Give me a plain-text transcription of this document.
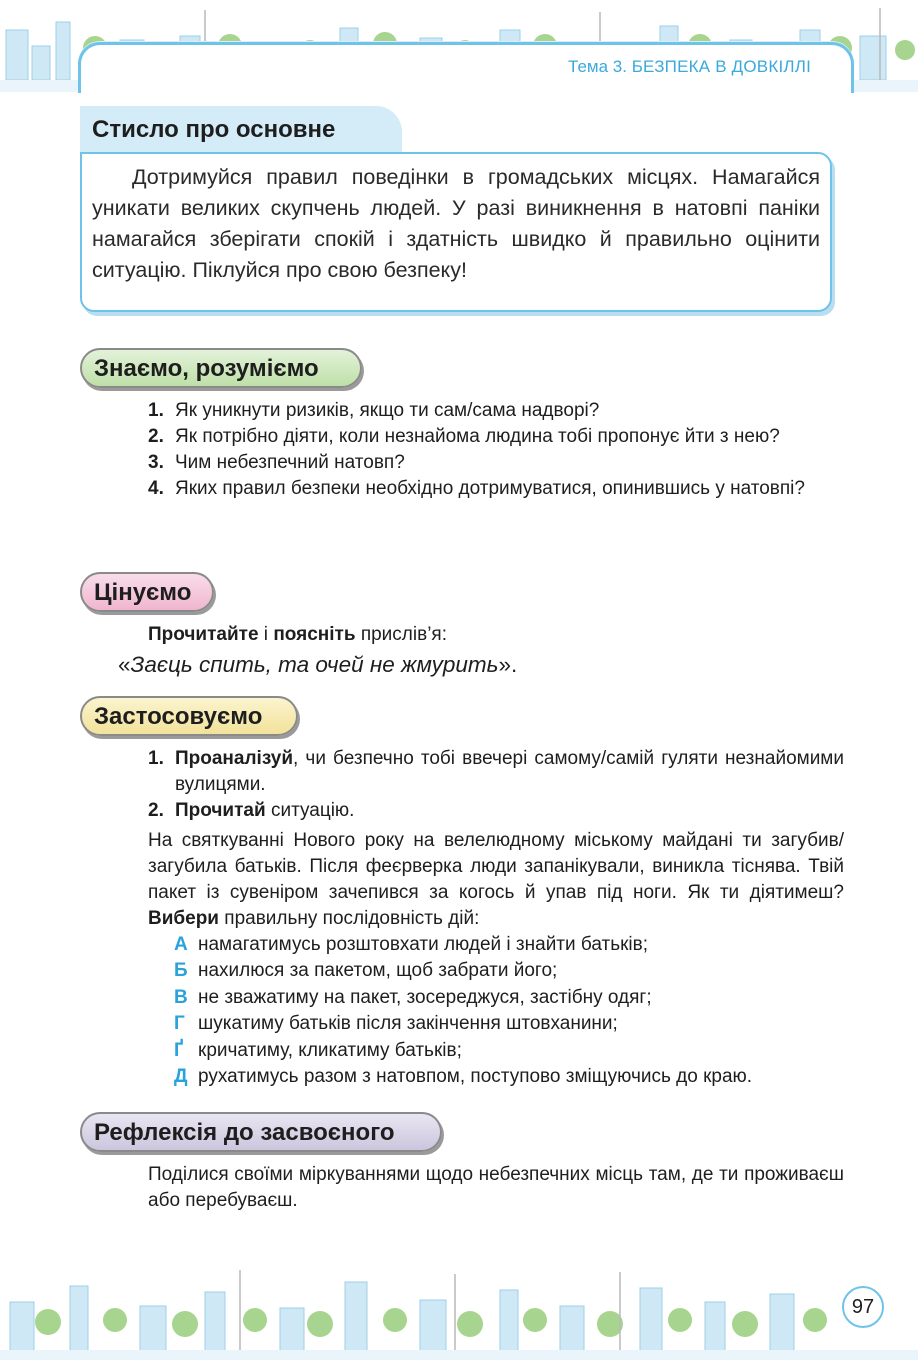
Тема 3. БЕЗПЕКА В ДОВКІЛЛІ
Стисло про основне
Дотримуйся правил поведінки в громадських місцях. Намагайся уникати великих скупчень людей. У разі виникнення в натовпі паніки намагайся зберігати спокій і здатність швидко й правильно оцінити ситуацію. Піклуйся про свою безпеку!
Знаємо, розуміємо
1. Як уникнути ризиків, якщо ти сам/сама надворі?
2. Як потрібно діяти, коли незнайома людина тобі пропонує йти з нею?
3. Чим небезпечний натовп?
4. Яких правил безпеки необхідно дотримуватися, опинившись у натовпі?
Цінуємо
Прочитайте і поясніть прислів’я:
«Заєць спить, та очей не жмурить».
Застосовуємо
1. Проаналізуй, чи безпечно тобі ввечері самому/самій гуляти незнайомими вулицями.
2. Прочитай ситуацію.
На святкуванні Нового року на велелюдному міському майдані ти загубив/загубила батьків. Після феєрверка люди запанікували, виникла тіснява. Твій пакет із сувеніром зачепився за когось й упав під ноги. Як ти діятимеш? Вибери правильну послідовність дій:
А намагатимусь розштовхати людей і знайти батьків;
Б нахилюся за пакетом, щоб забрати його;
В не зважатиму на пакет, зосереджуся, застібну одяг;
Г шукатиму батьків після закінчення штовханини;
Ґ кричатиму, кликатиму батьків;
Д рухатимусь разом з натовпом, поступово зміщуючись до краю.
Рефлексія до засвоєного
Поділися своїми міркуваннями щодо небезпечних місць там, де ти проживаєш або перебуваєш.
97
